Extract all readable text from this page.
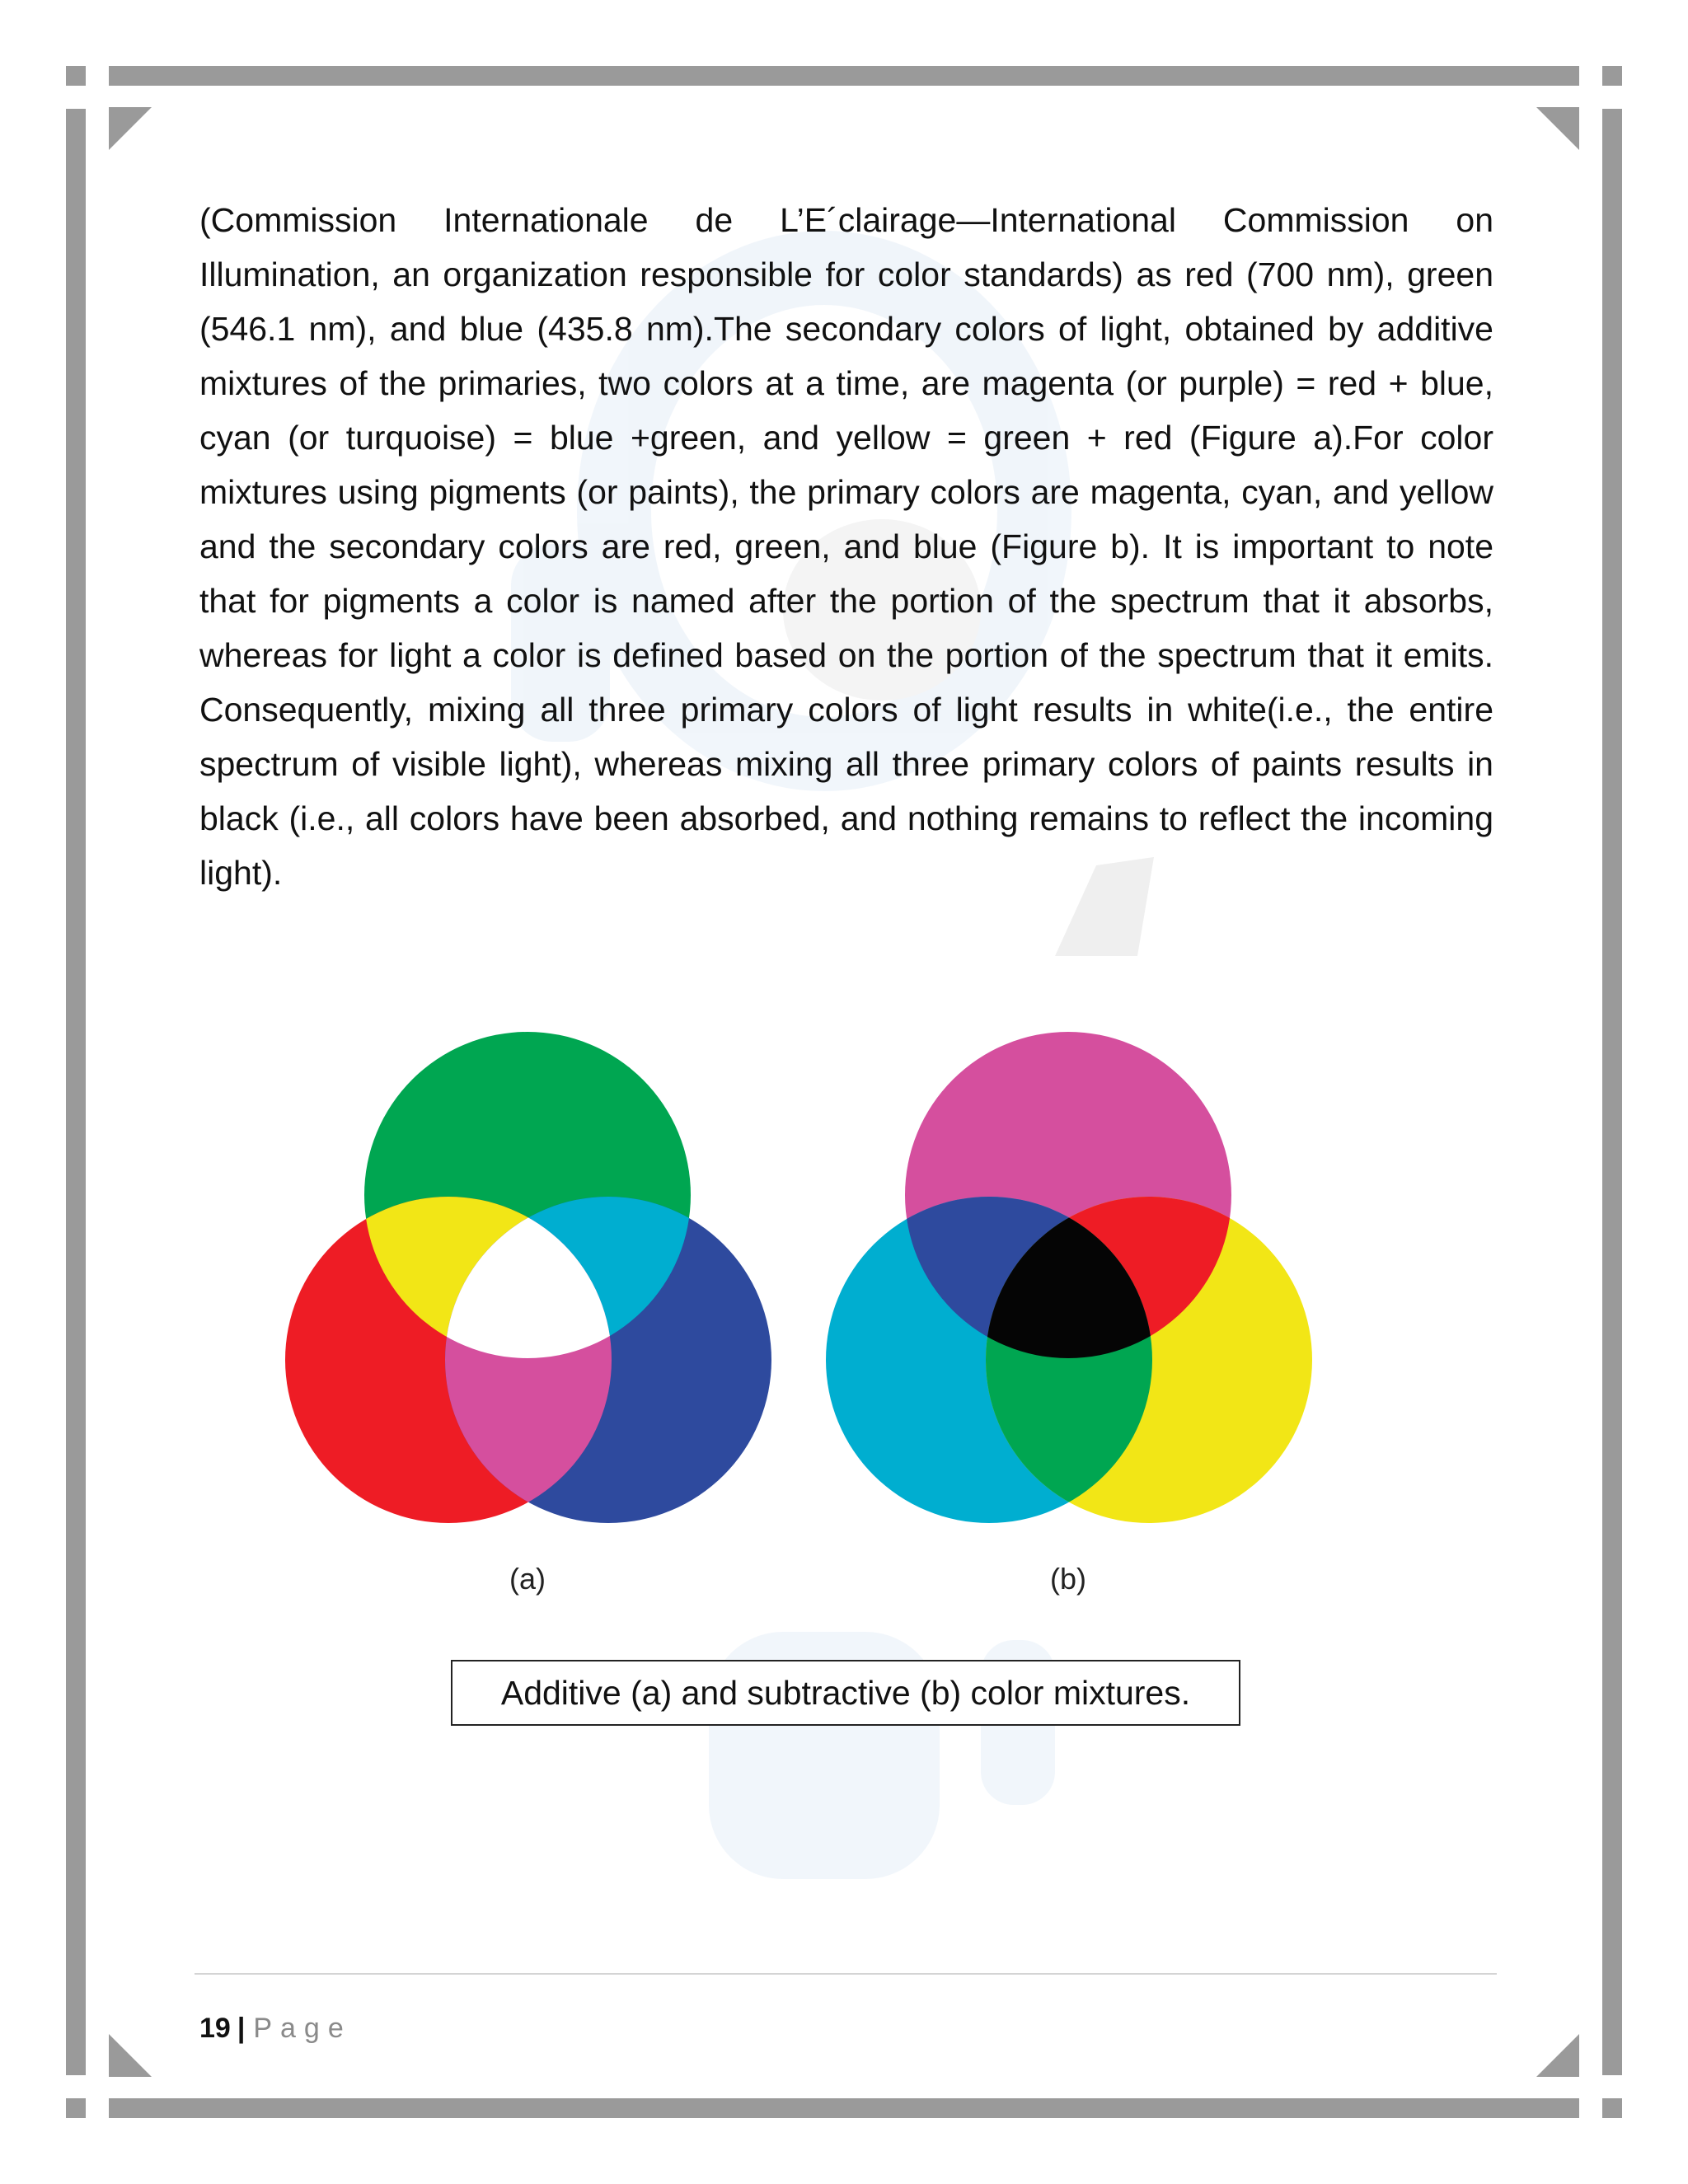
(Commission Internationale de L’E´clairage—International Commission on Illumination, an organization responsible for color standards) as red (700 nm), green (546.1 nm), and blue (435.8 nm).The secondary colors of light, obtained by additive mixtures of the primaries, two colors at a time, are magenta (or purple) = red + blue, cyan (or turquoise) = blue +green, and yellow = green + red (Figure a).For color mixtures using pigments (or paints), the primary colors are magenta, cyan, and yellow and the secondary colors are red, green, and blue (Figure b). It is important to note that for pigments a color is named after the portion of the spectrum that it absorbs, whereas for light a color is defined based on the portion of the spectrum that it emits. Consequently, mixing all three primary colors of light results in white(i.e., the entire spectrum of visible light), whereas mixing all three primary colors of paints results in black (i.e., all colors have been absorbed, and nothing remains to reflect the incoming light).

(a)	(b)
Additive (a) and subtractive (b) color mixtures.
19 | Page
